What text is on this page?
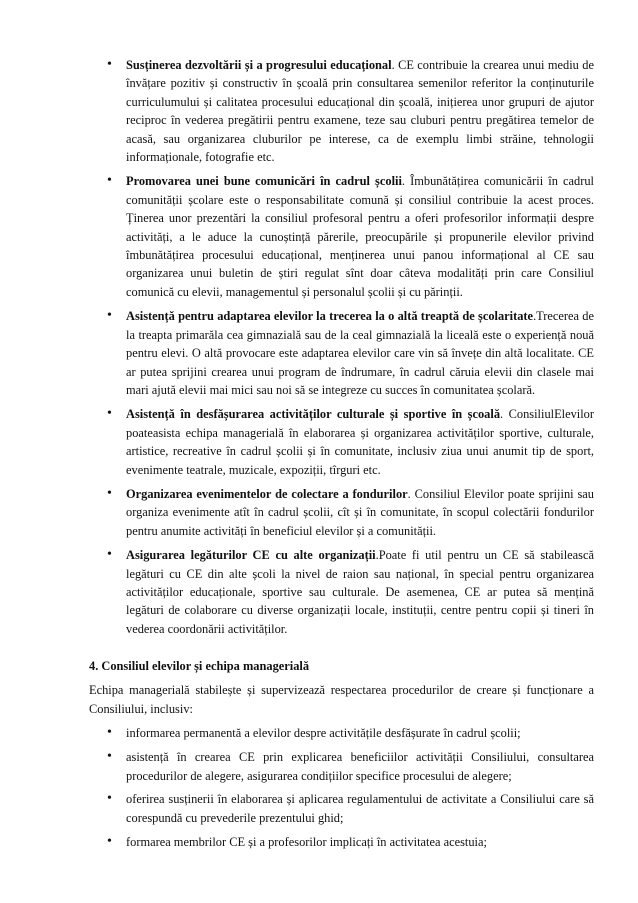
• Susținerea dezvoltării și a progresului educațional. CE contribuie la crearea unui mediu de învățare pozitiv și constructiv în școală prin consultarea semenilor referitor la conținuturile curriculumului și calitatea procesului educațional din școală, inițierea unor grupuri de ajutor reciproc în vederea pregătirii pentru examene, teze sau cluburi pentru pregătirea temelor de acasă, sau organizarea cluburilor pe interese, ca de exemplu limbi străine, tehnologii informaționale, fotografie etc.
• Promovarea unei bune comunicări în cadrul școlii. Îmbunătățirea comunicării în cadrul comunității școlare este o responsabilitate comună și consiliul contribuie la acest proces. Ținerea unor prezentări la consiliul profesoral pentru a oferi profesorilor informații despre activități, a le aduce la cunoștință părerile, preocupările și propunerile elevilor privind îmbunătățirea procesului educațional, menținerea unui panou informațional al CE sau organizarea unui buletin de știri regulat sînt doar câteva modalități prin care Consiliul comunică cu elevii, managementul și personalul școlii și cu părinții.
• Asistență pentru adaptarea elevilor la trecerea la o altă treaptă de școlaritate.Trecerea de la treapta primarăla cea gimnazială sau de la ceal gimnazială la liceală este o experiență nouă pentru elevi. O altă provocare este adaptarea elevilor care vin să învețe din altă localitate. CE ar putea sprijini crearea unui program de îndrumare, în cadrul căruia elevii din clasele mai mari ajută elevii mai mici sau noi să se integreze cu succes în comunitatea școlară.
• Asistență în desfășurarea activităților culturale și sportive în școală. ConsiliulElevilor poateasista echipa managerială în elaborarea și organizarea activităților sportive, culturale, artistice, recreative în cadrul școlii și în comunitate, inclusiv ziua unui anumit tip de sport, evenimente teatrale, muzicale, expoziții, tîrguri etc.
• Organizarea evenimentelor de colectare a fondurilor. Consiliul Elevilor poate sprijini sau organiza evenimente atît în cadrul școlii, cît și în comunitate, în scopul colectării fondurilor pentru anumite activități în beneficiul elevilor și a comunității.
• Asigurarea legăturilor CE cu alte organizații.Poate fi util pentru un CE să stabilească legături cu CE din alte școli la nivel de raion sau național, în special pentru organizarea activităților educaționale, sportive sau culturale. De asemenea, CE ar putea să mențină legături de colaborare cu diverse organizații locale, instituții, centre pentru copii și tineri în vederea coordonării activităților.

4. Consiliul elevilor și echipa managerială

Echipa managerială stabilește și supervizează respectarea procedurilor de creare și funcționare a Consiliului, inclusiv:

• informarea permanentă a elevilor despre activitățile desfășurate în cadrul școlii;
• asistență în crearea CE prin explicarea beneficiilor activității Consiliului, consultarea procedurilor de alegere, asigurarea condițiilor specifice procesului de alegere;
• oferirea susținerii în elaborarea și aplicarea regulamentului de activitate a Consiliului care să corespundă cu prevederile prezentului ghid;
• formarea membrilor CE și a profesorilor implicați în activitatea acestuia;
